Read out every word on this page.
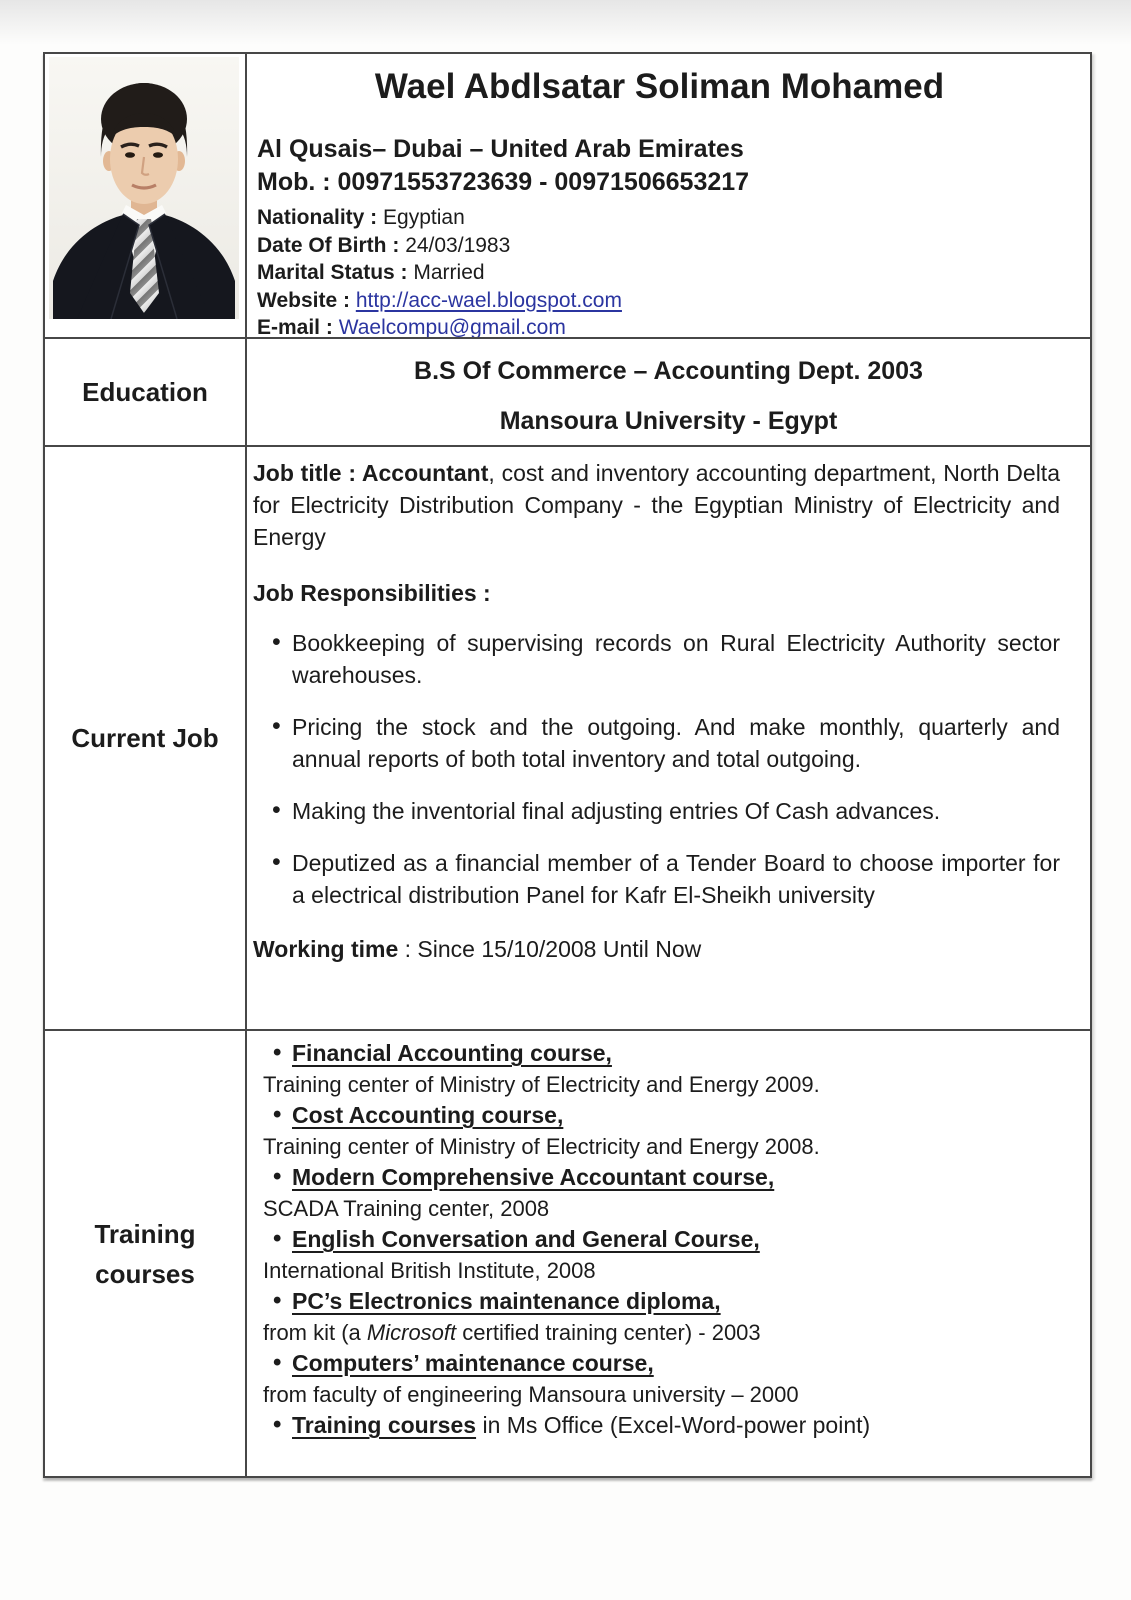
Wael Abdlsatar Soliman Mohamed
Al Qusais– Dubai – United Arab Emirates
Mob. : 00971553723639 - 00971506653217
Nationality : Egyptian
Date Of Birth : 24/03/1983
Marital Status : Married
Website : http://acc-wael.blogspot.com
E-mail : Waelcompu@gmail.com
Education
B.S Of Commerce – Accounting Dept. 2003
Mansoura University - Egypt
Current Job

Job title : Accountant, cost and inventory accounting department, North Delta for Electricity Distribution Company - the Egyptian Ministry of Electricity and Energy

Job Responsibilities :

• Bookkeeping of supervising records on Rural Electricity Authority sector warehouses.
• Pricing the stock and the outgoing. And make monthly, quarterly and annual reports of both total inventory and total outgoing.
• Making the inventorial final adjusting entries Of Cash advances.
• Deputized as a financial member of a Tender Board to choose importer for a electrical distribution Panel for Kafr El-Sheikh university

Working time : Since 15/10/2008 Until Now

Training
courses
• Financial Accounting course,
Training center of Ministry of Electricity and Energy 2009.
• Cost Accounting course,
Training center of Ministry of Electricity and Energy 2008.
• Modern Comprehensive Accountant course,
SCADA Training center, 2008
• English Conversation and General Course,
International British Institute, 2008
• PC’s Electronics maintenance diploma,
from kit (a Microsoft certified training center) - 2003
• Computers’ maintenance course,
from faculty of engineering Mansoura university – 2000
• Training courses in Ms Office (Excel-Word-power point)
